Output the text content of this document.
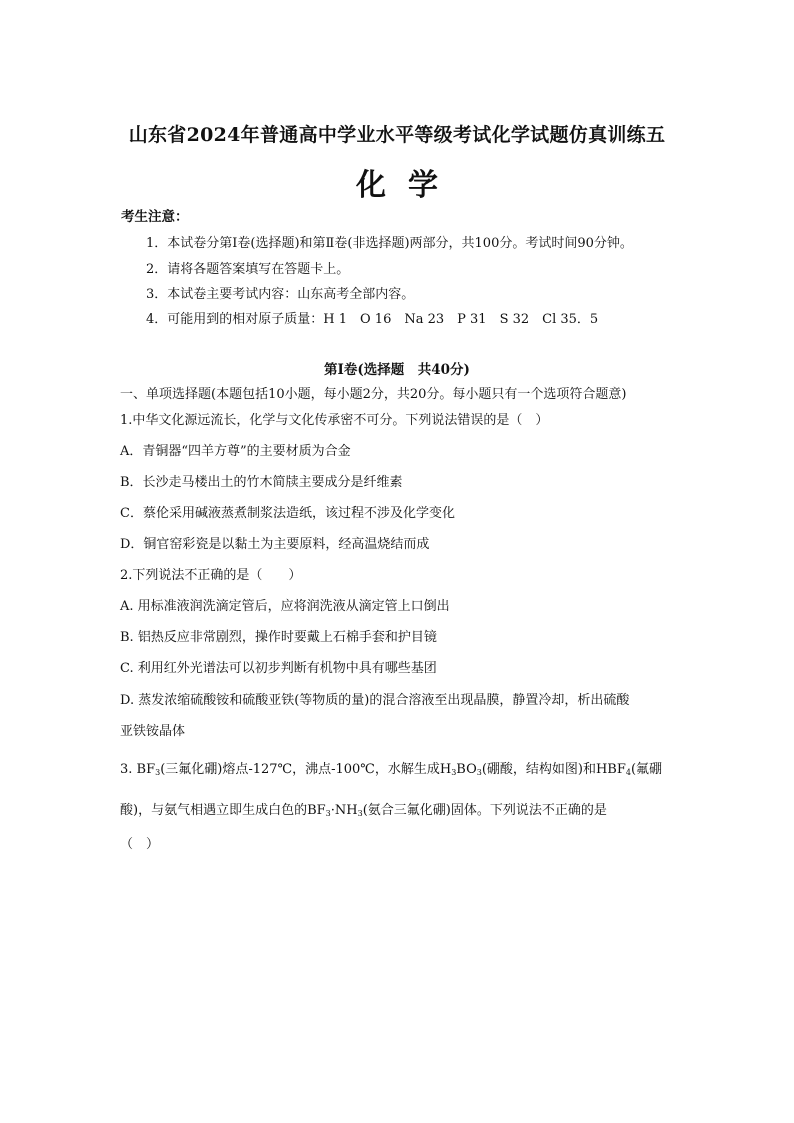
山东省2024年普通高中学业水平等级考试化学试题仿真训练五
化学
考生注意：
1．本试卷分第Ⅰ卷(选择题)和第Ⅱ卷(非选择题)两部分，共100分。考试时间90分钟。
2．请将各题答案填写在答题卡上。
3．本试卷主要考试内容：山东高考全部内容。
4．可能用到的相对原子质量：H 1　O 16　Na 23　P 31　S 32　Cl 35．5
第Ⅰ卷(选择题　共40分)
一、单项选择题(本题包括10小题，每小题2分，共20分。每小题只有一个选项符合题意)
1.中华文化源远流长，化学与文化传承密不可分。下列说法错误的是（　）
A．青铜器“四羊方尊”的主要材质为合金
B．长沙走马楼出土的竹木简牍主要成分是纤维素
C．蔡伦采用碱液蒸煮制浆法造纸，该过程不涉及化学变化
D．铜官窑彩瓷是以黏土为主要原料，经高温烧结而成
2.下列说法不正确的是（　　）
A. 用标准液润洗滴定管后，应将润洗液从滴定管上口倒出
B. 铝热反应非常剧烈，操作时要戴上石棉手套和护目镜
C. 利用红外光谱法可以初步判断有机物中具有哪些基团
D. 蒸发浓缩硫酸铵和硫酸亚铁(等物质的量)的混合溶液至出现晶膜，静置冷却，析出硫酸
亚铁铵晶体
3. $BF_3$(三氟化硼)熔点-127℃，沸点-100℃，水解生成$H_3BO_3$(硼酸，结构如图)和$HBF_4$(氟硼
酸)，与氨气相遇立即生成白色的$BF_3\cdot NH_3$(氨合三氟化硼)固体。下列说法不正确的是
（　）
